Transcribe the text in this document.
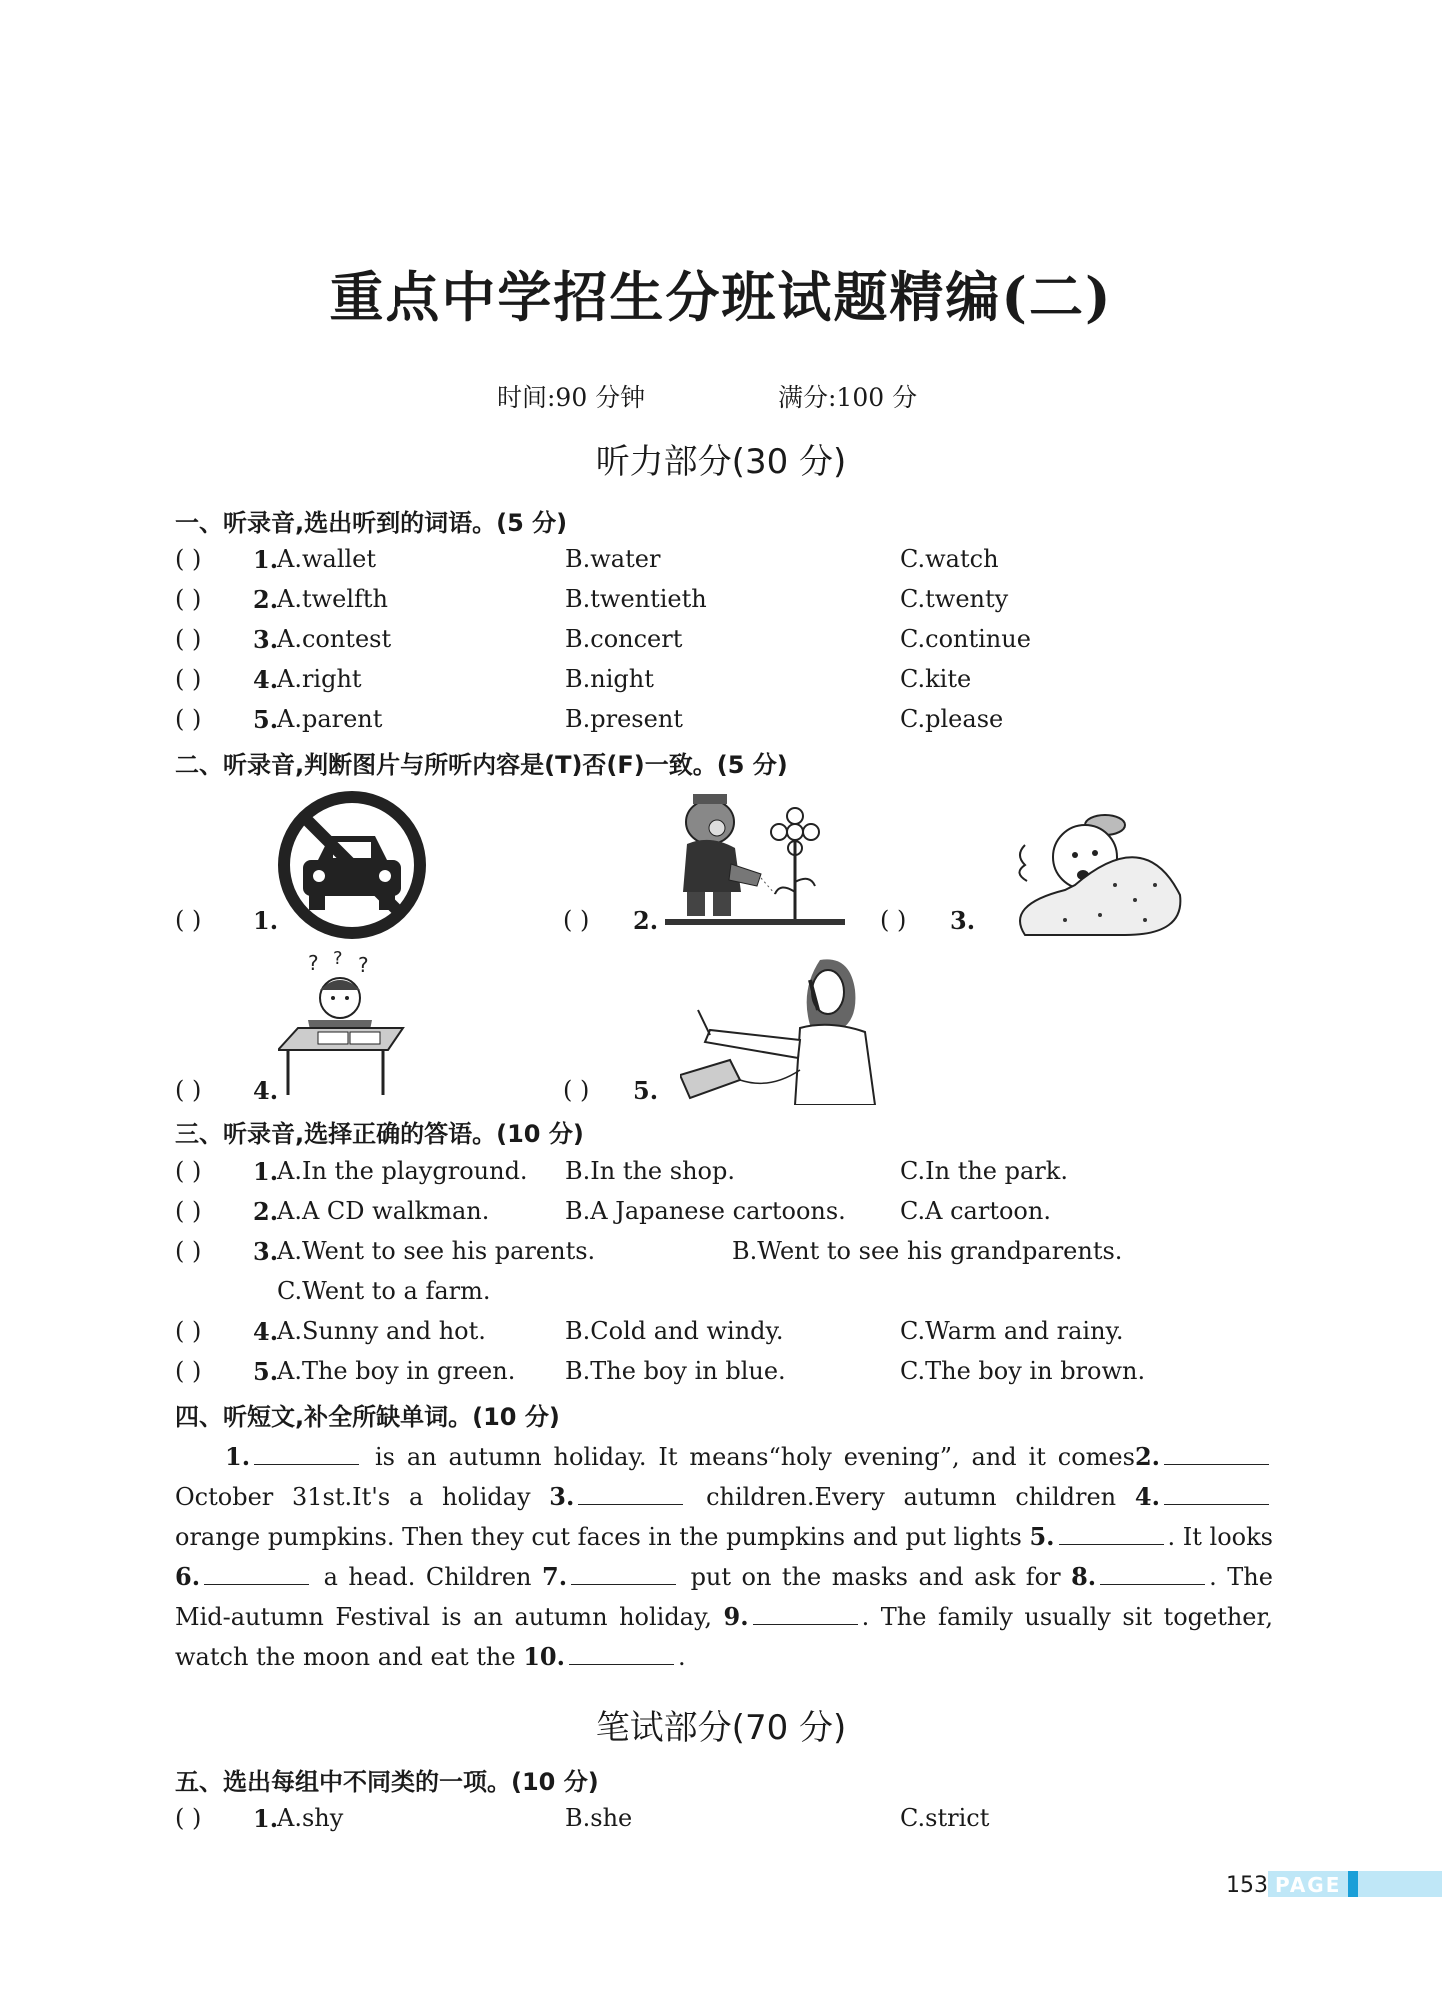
重点中学招生分班试题精编(二)
时间:90 分钟	满分:100 分
听力部分(30 分)
一、听录音,选出听到的词语。(5 分)
( ) 1.
A.wallet	B.water	C.watch
( ) 2.
A.twelfth	B.twentieth	C.twenty
( ) 3.
A.contest	B.concert	C.continue
( ) 4.
A.right	B.night	C.kite
( ) 5.
A.parent	B.present	C.please
二、听录音,判断图片与所听内容是(T)否(F)一致。(5 分)
( ) 1.	( ) 2.	( ) 3.
? ? ?
( ) 4.	( ) 5.
三、听录音,选择正确的答语。(10 分)
( ) 1.
A.In the playground. B.In the shop.	C.In the park.
( ) 2.
A.A CD walkman.	B.A Japanese cartoons. C.A cartoon.
( ) 3.
A.Went to see his parents.	B.Went to see his grandparents.
C.Went to a farm.
( ) 4.
A.Sunny and hot.	B.Cold and windy.	C.Warm and rainy.
( ) 5.
A.The boy in green. B.The boy in blue.	C.The boy in brown.
四、听短文,补全所缺单词。(10 分)
1.	is an autumn holiday. It means“holy evening”, and it comes2. October 31st.It's a holiday 3.	children.Every autumn children 4. orange pumpkins. Then they cut faces in the pumpkins and put lights 5.	. It looks 6.	a head. Children 7.	put on the masks and ask for 8.	. The Mid-autumn Festival is an autumn holiday, 9.	. The family usually sit together, watch the moon and eat the 10.	.
笔试部分(70 分)
五、选出每组中不同类的一项。(10 分)
( ) 1.
A.shy	B.she	C.strict
153 PAGE
